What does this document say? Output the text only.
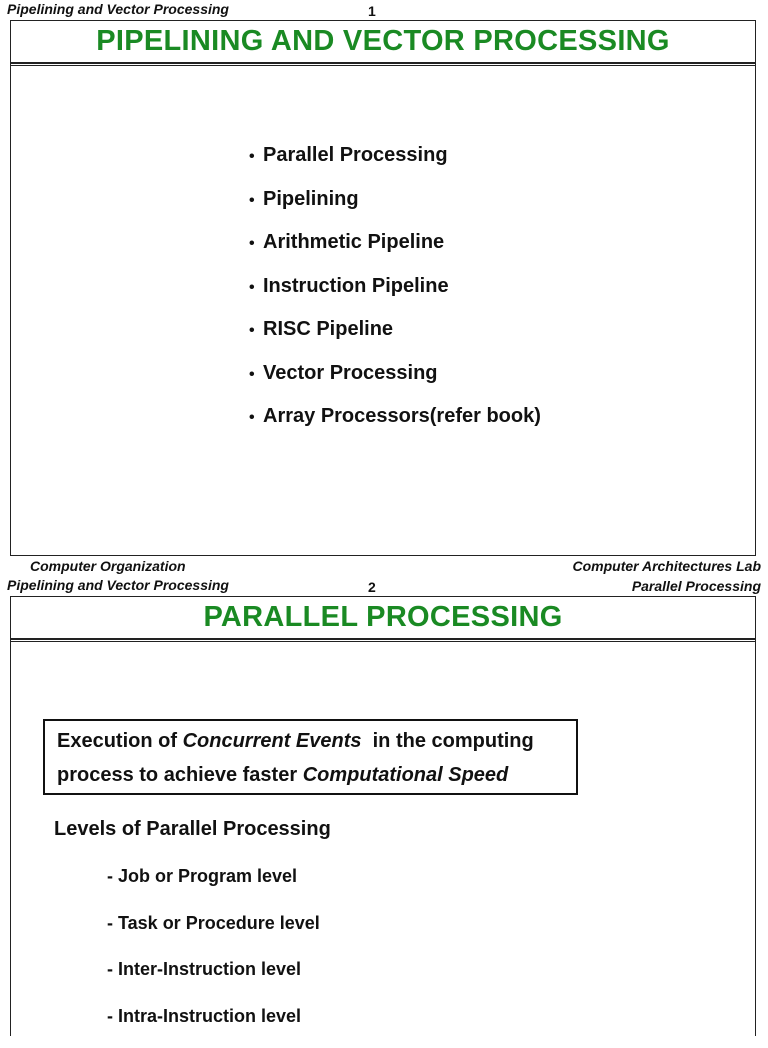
Pipelining and Vector Processing	1
PIPELINING AND VECTOR PROCESSING
• Parallel Processing
• Pipelining
• Arithmetic Pipeline
• Instruction Pipeline
• RISC Pipeline
• Vector Processing
• Array Processors(refer book)
Computer Organization	Computer Architectures Lab
Pipelining and Vector Processing	2	Parallel Processing
PARALLEL PROCESSING
Execution of Concurrent Events  in the computing
process to achieve faster Computational Speed
Levels of Parallel Processing
- Job or Program level
- Task or Procedure level
- Inter-Instruction level
- Intra-Instruction level
